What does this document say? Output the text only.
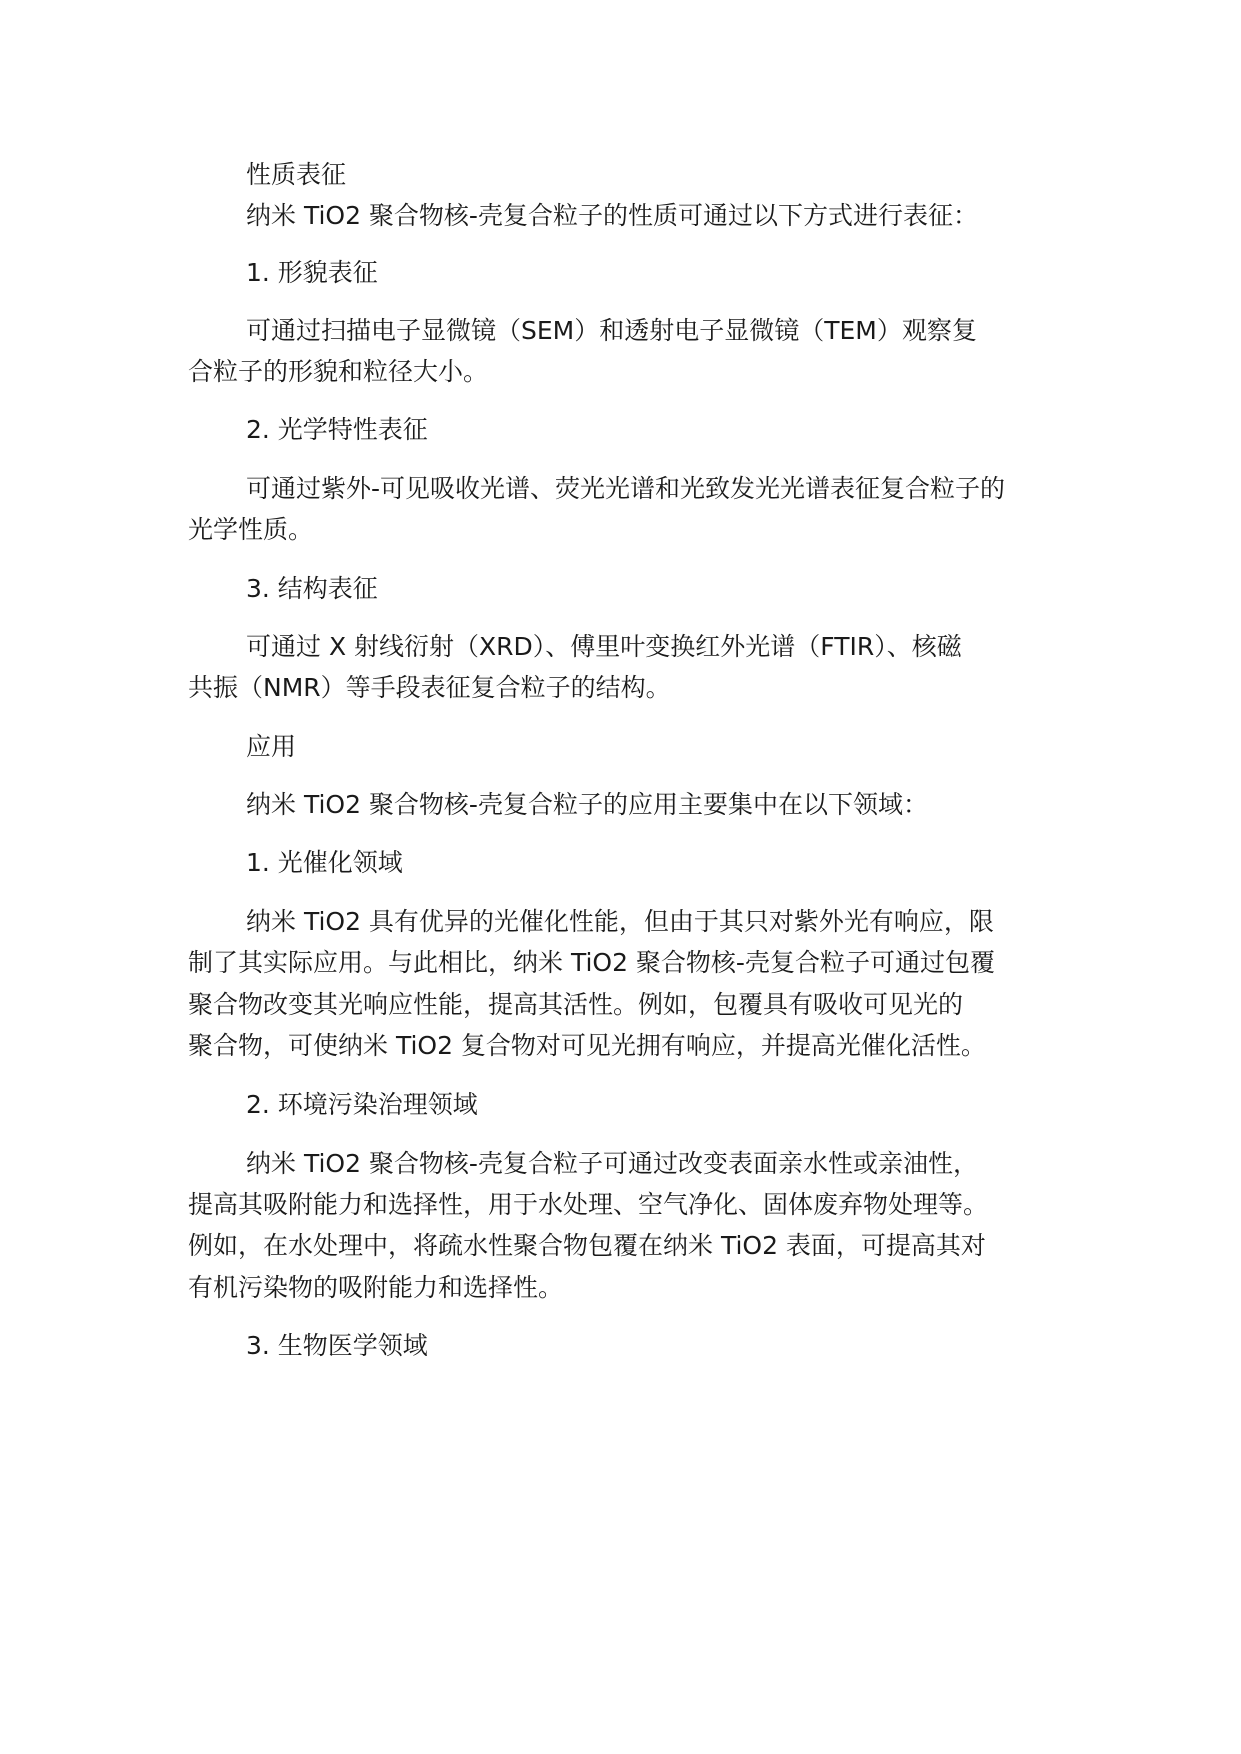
性质表征
纳米 TiO2 聚合物核-壳复合粒子的性质可通过以下方式进行表征：
1. 形貌表征
可通过扫描电子显微镜（SEM）和透射电子显微镜（TEM）观察复
合粒子的形貌和粒径大小。
2. 光学特性表征
可通过紫外-可见吸收光谱、荧光光谱和光致发光光谱表征复合粒子的
光学性质。
3. 结构表征
可通过 X 射线衍射（XRD）、傅里叶变换红外光谱（FTIR）、核磁
共振（NMR）等手段表征复合粒子的结构。
应用
纳米 TiO2 聚合物核-壳复合粒子的应用主要集中在以下领域：
1. 光催化领域
纳米 TiO2 具有优异的光催化性能，但由于其只对紫外光有响应，限
制了其实际应用。与此相比，纳米 TiO2 聚合物核-壳复合粒子可通过包覆
聚合物改变其光响应性能，提高其活性。例如，包覆具有吸收可见光的
聚合物，可使纳米 TiO2 复合物对可见光拥有响应，并提高光催化活性。
2. 环境污染治理领域
纳米 TiO2 聚合物核-壳复合粒子可通过改变表面亲水性或亲油性，
提高其吸附能力和选择性，用于水处理、空气净化、固体废弃物处理等。
例如，在水处理中，将疏水性聚合物包覆在纳米 TiO2 表面，可提高其对
有机污染物的吸附能力和选择性。
3. 生物医学领域
